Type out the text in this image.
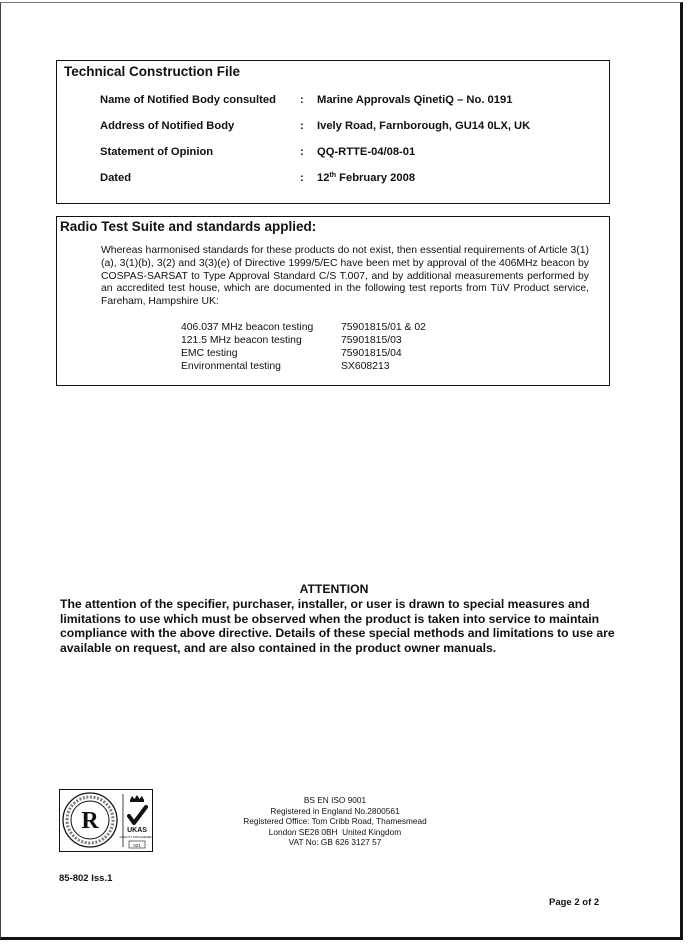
Technical Construction File
Name of Notified Body consulted : Marine Approvals QinetiQ – No. 0191
Address of Notified Body	: Ively Road, Farnborough, GU14 0LX, UK
Statement of Opinion	: QQ-RTTE-04/08-01
Dated	: 12th February 2008
Radio Test Suite and standards applied:
Whereas harmonised standards for these products do not exist, then essential requirements of Article 3(1)(a), 3(1)(b), 3(2) and 3(3)(e) of Directive 1999/5/EC have been met by approval of the 406MHz beacon by COSPAS-SARSAT to Type Approval Standard C/S T.007, and by additional measurements performed by an accredited test house, which are documented in the following test reports from TüV Product service, Fareham, Hampshire UK:
406.037 MHz beacon testing	75901815/01 & 02
121.5 MHz beacon testing	75901815/03
EMC testing	75901815/04
Environmental testing	SX608213
ATTENTION
The attention of the specifier, purchaser, installer, or user is drawn to special measures and limitations to use which must be observed when the product is taken into service to maintain compliance with the above directive. Details of these special methods and limitations to use are available on request, and are also contained in the product owner manuals.
R	UKAS
QUALITY MANAGEMENT
021
BS EN ISO 9001
Registered in England No.2800561
Registered Office: Tom Cribb Road, Thamesmead
London SE28 0BH  United Kingdom
VAT No: GB 626 3127 57
85-802 Iss.1
Page 2 of 2
